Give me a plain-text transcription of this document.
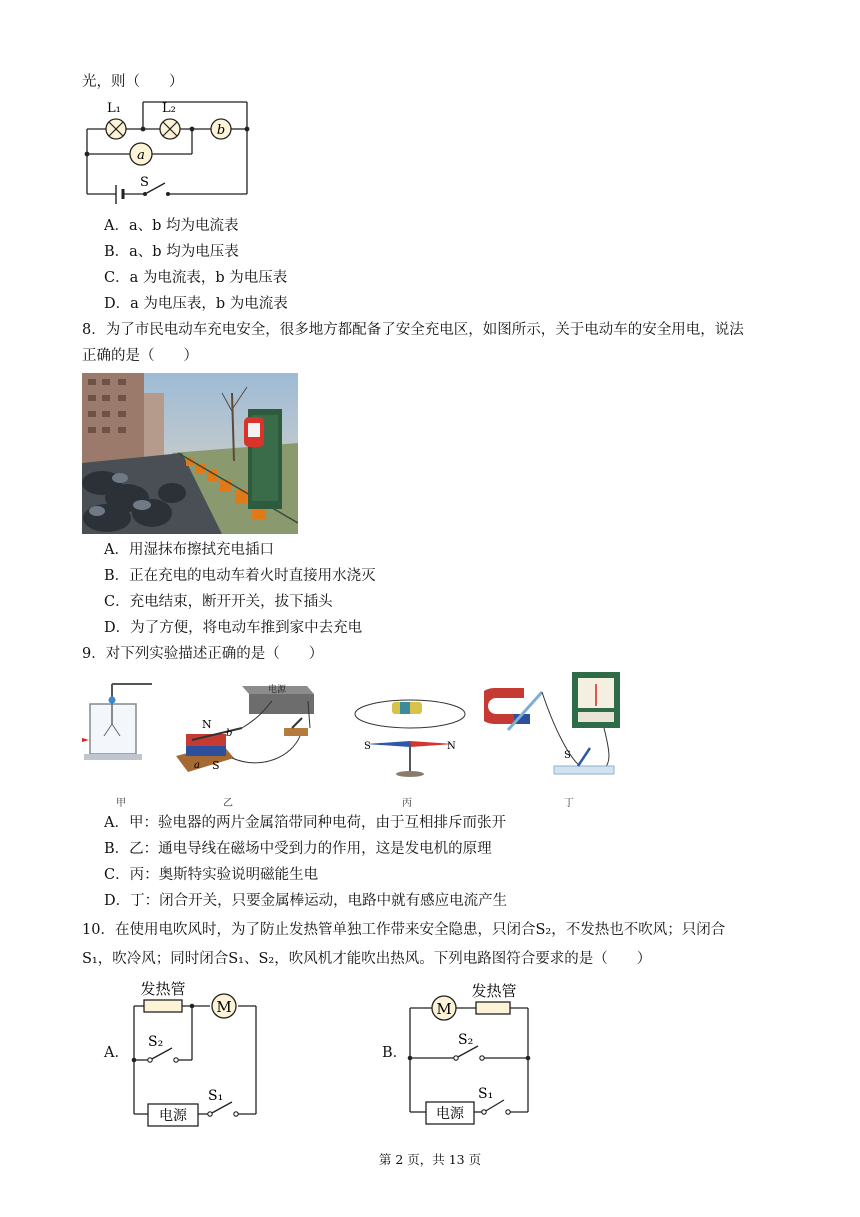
光，则（　　）
b
a
L₁	L₂
S
A．a、b 均为电流表
B．a、b 均为电压表
C．a 为电流表，b 为电压表
D．a 为电压表，b 为电流表
8．为了市民电动车充电安全，很多地方都配备了安全充电区，如图所示，关于电动车的安全用电，说法
正确的是（　　）
A．用湿抹布擦拭充电插口
B．正在充电的电动车着火时直接用水浇灭
C．充电结束，断开开关，拔下插头
D．为了方便，将电动车推到家中去充电
9．对下列实验描述正确的是（　　）
甲
电源
N
S
b
a
乙
S	N
丙
S
丁
A．甲：验电器的两片金属箔带同种电荷，由于互相排斥而张开
B．乙：通电导线在磁场中受到力的作用，这是发电机的原理
C．丙：奥斯特实验说明磁能生电
D．丁：闭合开关，只要金属棒运动，电路中就有感应电流产生
10．在使用电吹风时，为了防止发热管单独工作带来安全隐患，只闭合S₂，不发热也不吹风；只闭合
S₁，吹冷风；同时闭合S₁、S₂，吹风机才能吹出热风。下列电路图符合要求的是（　　）
A．
M
发热管
S₂
S₁
电源
B．
M
发热管
S₂
S₁
电源
第 2 页，共 13 页
